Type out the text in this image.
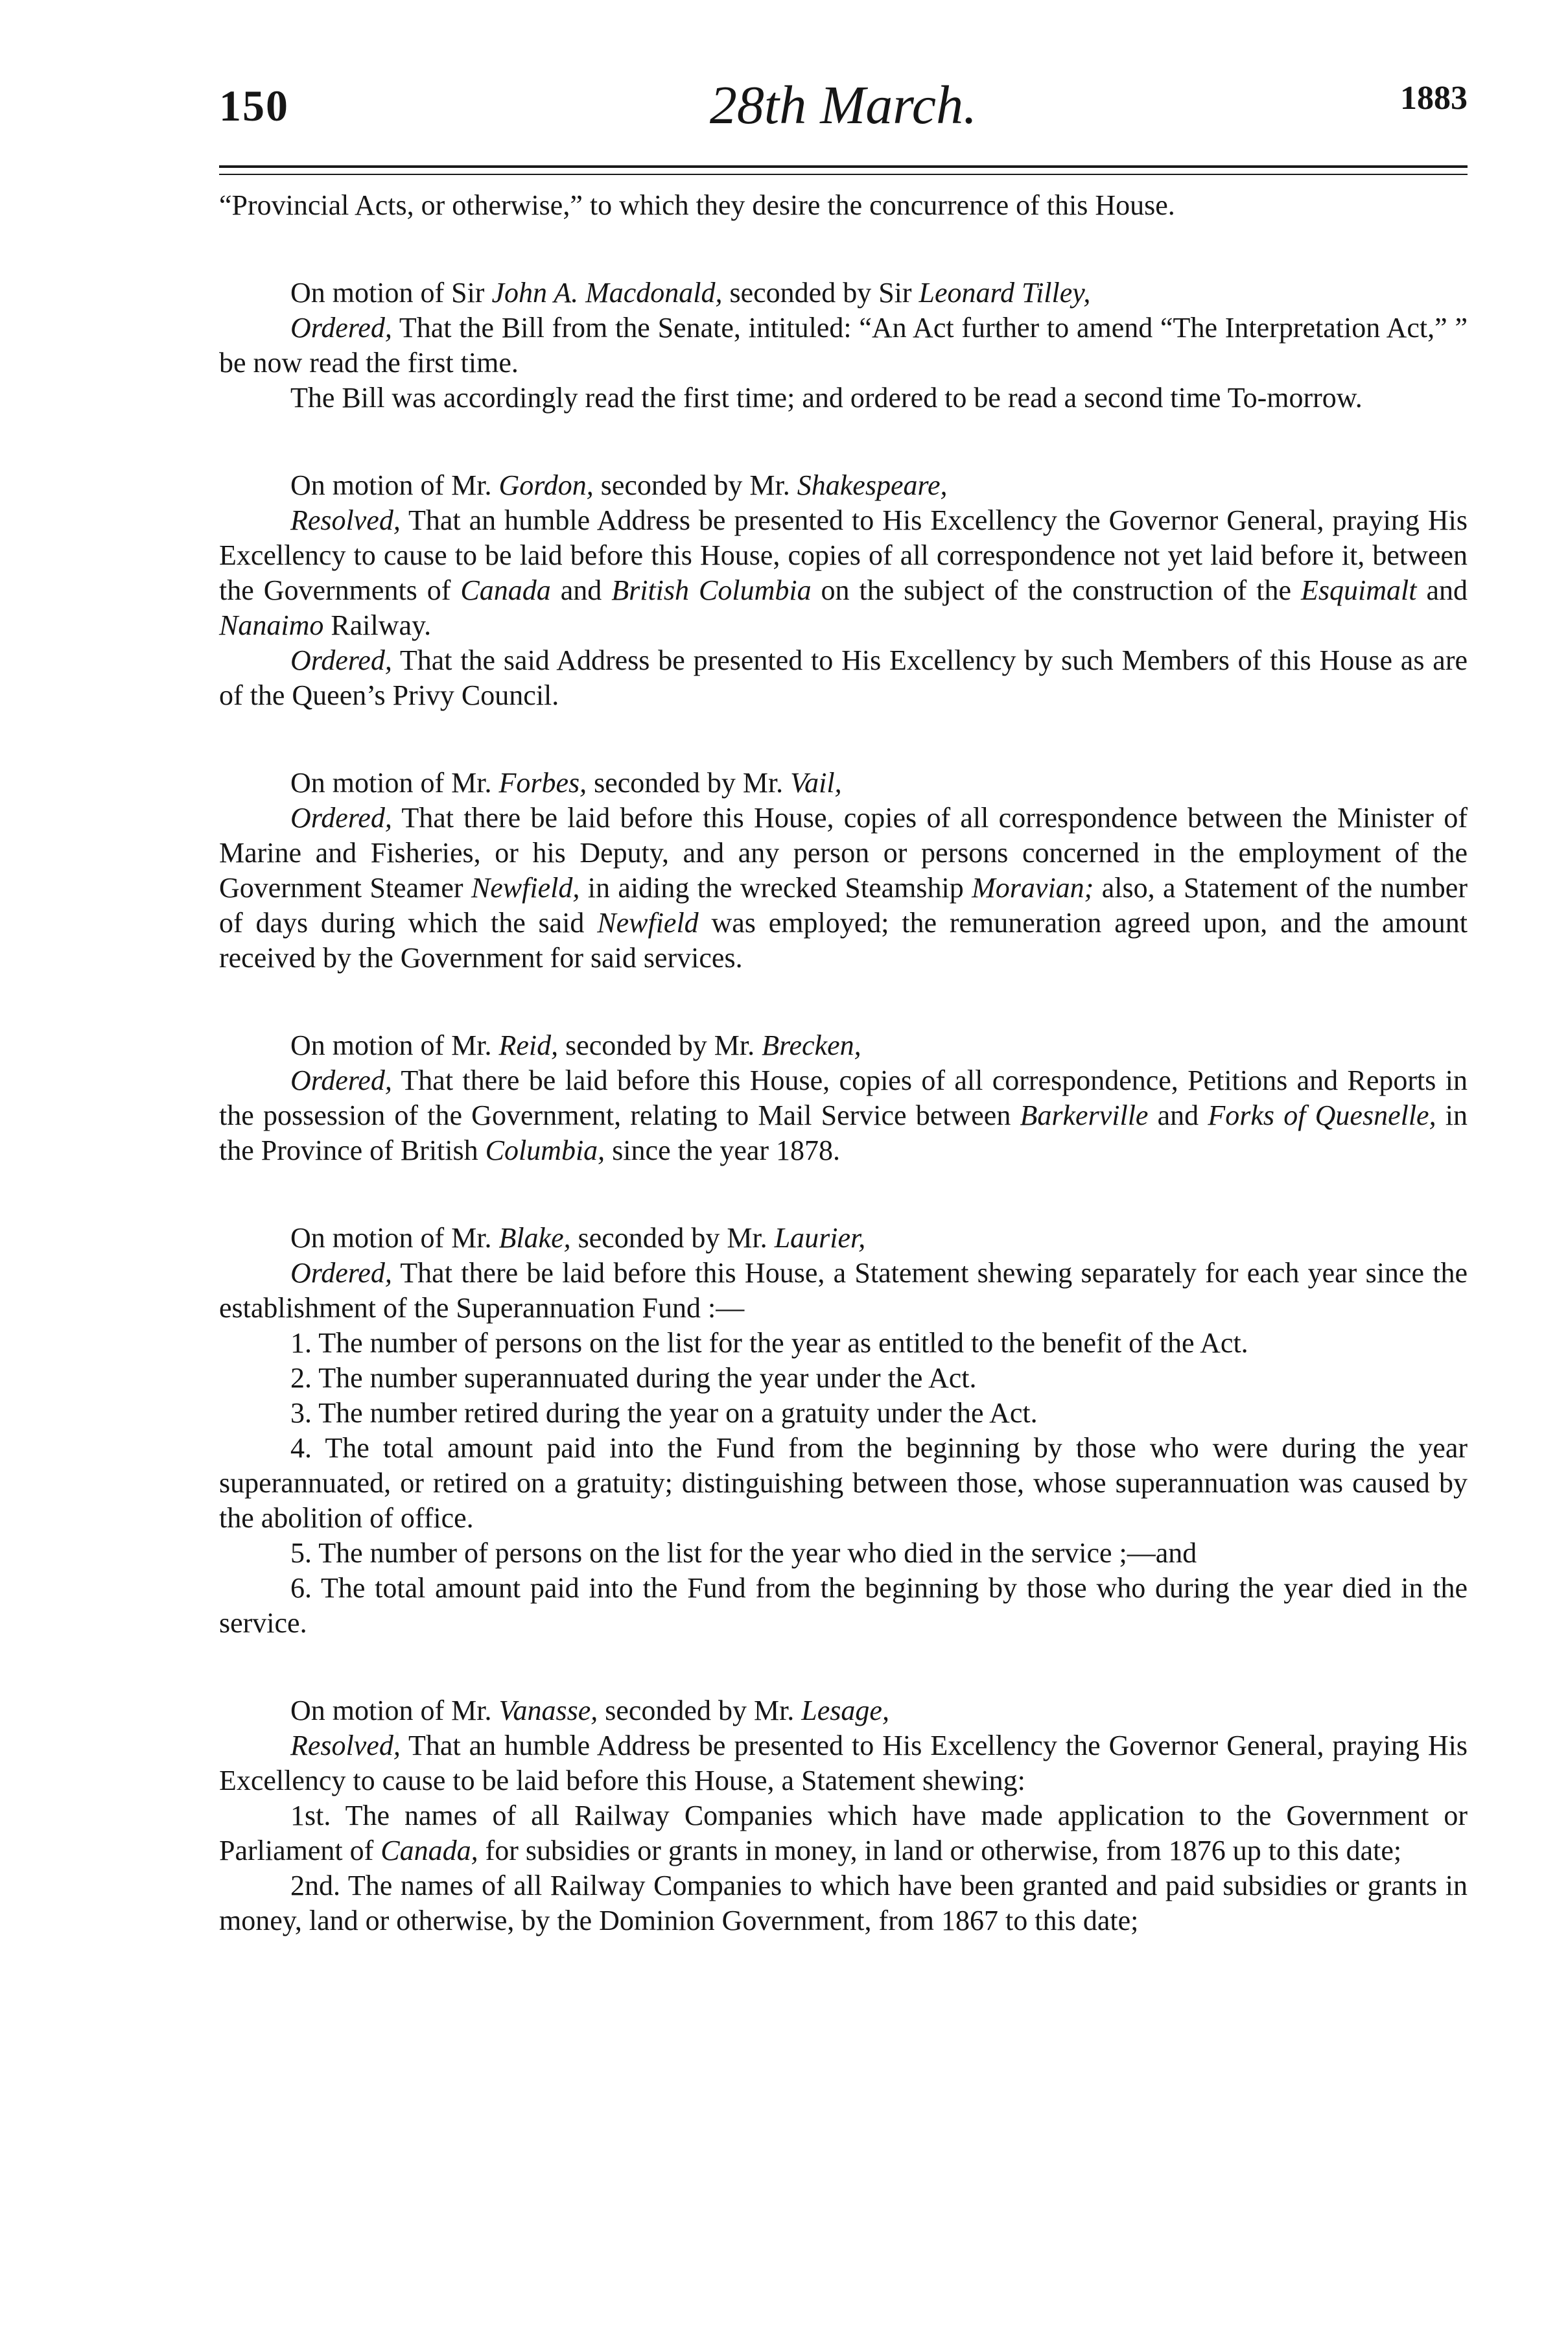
150	28th March.	1883

“Provincial Acts, or otherwise,” to which they desire the concurrence of this House.

On motion of Sir John A. Macdonald, seconded by Sir Leonard Tilley,

Ordered, That the Bill from the Senate, intituled: “An Act further to amend “The Interpretation Act,” ” be now read the first time.

The Bill was accordingly read the first time; and ordered to be read a second time To-morrow.

On motion of Mr. Gordon, seconded by Mr. Shakespeare,

Resolved, That an humble Address be presented to His Excellency the Governor General, praying His Excellency to cause to be laid before this House, copies of all correspondence not yet laid before it, between the Governments of Canada and British Columbia on the subject of the construction of the Esquimalt and Nanaimo Railway.

Ordered, That the said Address be presented to His Excellency by such Members of this House as are of the Queen’s Privy Council.

On motion of Mr. Forbes, seconded by Mr. Vail,

Ordered, That there be laid before this House, copies of all correspondence between the Minister of Marine and Fisheries, or his Deputy, and any person or persons concerned in the employment of the Government Steamer Newfield, in aiding the wrecked Steamship Moravian; also, a Statement of the number of days during which the said Newfield was employed; the remuneration agreed upon, and the amount received by the Government for said services.

On motion of Mr. Reid, seconded by Mr. Brecken,

Ordered, That there be laid before this House, copies of all correspondence, Petitions and Reports in the possession of the Government, relating to Mail Service between Barkerville and Forks of Quesnelle, in the Province of British Columbia, since the year 1878.

On motion of Mr. Blake, seconded by Mr. Laurier,

Ordered, That there be laid before this House, a Statement shewing separately for each year since the establishment of the Superannuation Fund :—

1. The number of persons on the list for the year as entitled to the benefit of the Act.

2. The number superannuated during the year under the Act.

3. The number retired during the year on a gratuity under the Act.

4. The total amount paid into the Fund from the beginning by those who were during the year superannuated, or retired on a gratuity; distinguishing between those, whose superannuation was caused by the abolition of office.

5. The number of persons on the list for the year who died in the service ;—and

6. The total amount paid into the Fund from the beginning by those who during the year died in the service.

On motion of Mr. Vanasse, seconded by Mr. Lesage,

Resolved, That an humble Address be presented to His Excellency the Governor General, praying His Excellency to cause to be laid before this House, a Statement shewing:

1st. The names of all Railway Companies which have made application to the Government or Parliament of Canada, for subsidies or grants in money, in land or otherwise, from 1876 up to this date;

2nd. The names of all Railway Companies to which have been granted and paid subsidies or grants in money, land or otherwise, by the Dominion Government, from 1867 to this date;
